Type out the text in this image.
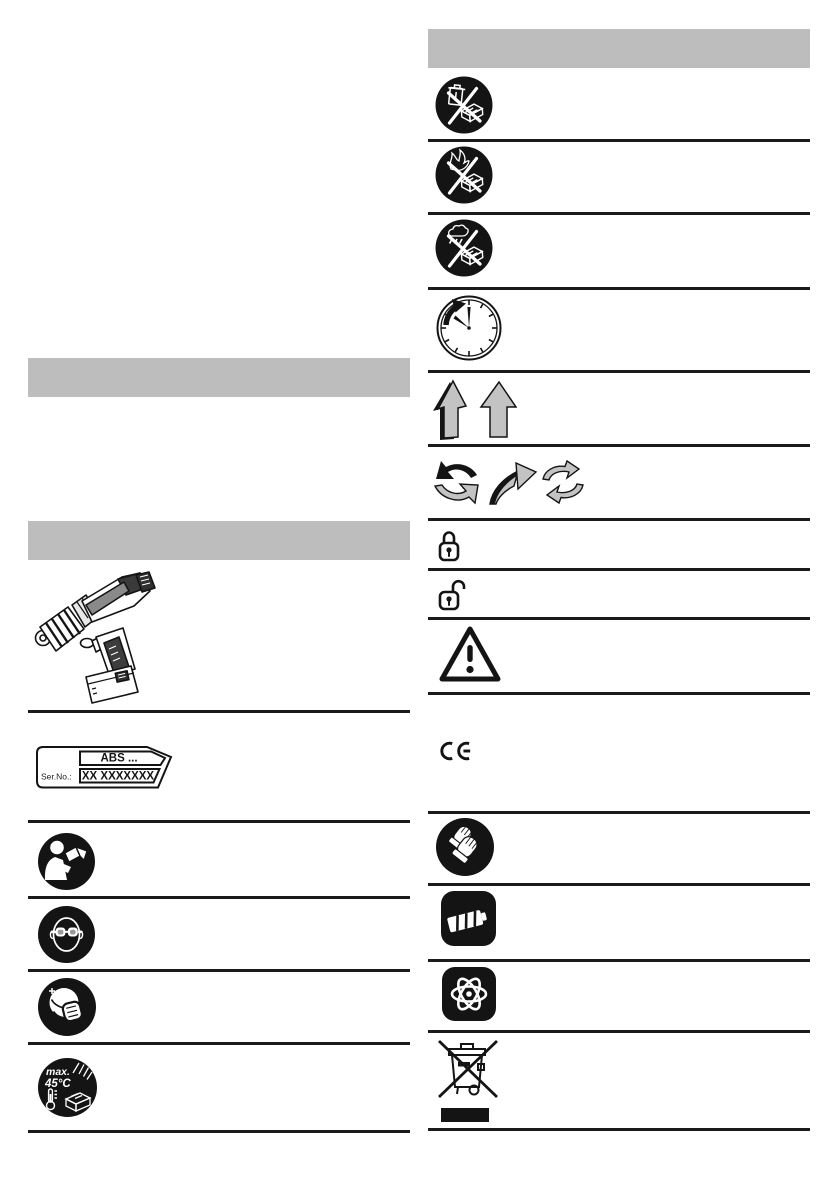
Ser.No.:
ABS ...
XX XXXXXXX
max.
45°C
